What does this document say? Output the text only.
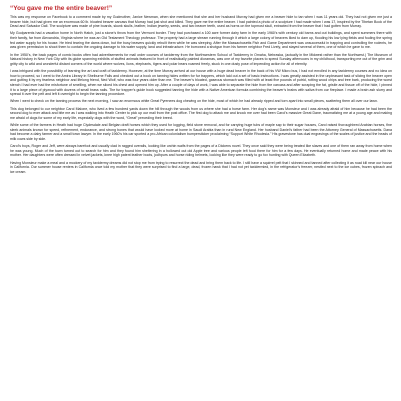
“You gave me the entire beaver!”

This was my response on Facebook to a comment made by my Godmother, Janice Newman, when she mentioned that she and her husband Murray had given me a beaver hide to tan when I was 11 years old. They had not given me just a beaver hide, but had given me an enormous 60 lb. bloated beaver carcass that Murray had just shot and killed. They gave me the entire beaver. I had painted a photo of a sculpture I had made when I was 17, inspired by the Tibetan Book of the Dead and Salvador Dali. The sculpture was made of pine boards, skunk skulls, leather, Indian jewelry, seeds, and two beaver teeth, used as horns on the topmost skull, extracted from the beaver that I had gotten from Murray.

My Godparents had a vacation home in North Hatch, just a stone’s throw from the Vermont border. They had purchased a 100 acre former dairy farm in the early 1960’s with century old barns and out buildings, and spent summers there with their family, far from Alexandria, Virginia where he was an Old Testament Theology professor. The property had a large stream running through it which a large colony of beavers liked to dam up, flooding his low lying fields and fouling the spring fed water supply for his house. He tried tearing the dams down, but the busy beavers quickly rebuilt them while he was sleeping. After the Massachusetts Fish and Game Department was unsuccessful in trapping and controlling the rodents, he was given permission to shoot them to contain the ongoing damage to his water supply, land and infrastructure. He borrowed a shotgun from his farmer neighbor Fred Lively, and stayed several of them, one of which he gave to me.

In the 1950’s, the back pages of comic books often had advertisements for mail order courses of taxidermy from the Northwestern School of Taxidermy in Omaha, Nebraska, (actually in the Midwest rather than the Northwest.) The Museum of Natural history in New York City with its globe spanning exhibits of stuffed animals featured in front of realistically painted dioramas, was one of my favorite places to spend Sunday afternoons in my childhood, transporting me out of the grim and gritty city to wild and wonderful distant corners of the world where wolves, lions, elephants, tigers and polar bears roamed freely, stuck in one dusty pose of impending action for all of eternity.

I was intrigued with the possibility of learning the art and craft of taxidermy. However, at the time Murray arrived at our house with a huge dead beaver in the back of his VW Micro bus, I had not enrolled in any taxidermy courses and no idea on how to proceed, so I went to the Amira Library in Shelburne Falls and checked out a book on tanning hides written for fur trappers, which laid out a set of basic instructions. I was greatly assisted in the unpleasant task of slicing the beaver open and gutting it by my fearless neighbor and lifelong friend, Ned Wolf, who was four years older than me. The beaver’s bloated, gaseous stomach was filled with at least five pounds of putrid, rotting wood chips and tree bark, producing the worst stench I had ever had the misfortune of smelling, when we sliced his chest and opened him up. After a couple of days of work, I was able to separate the hide from the carcass and after scraping the fat, gristle and tissue off of the hide, I pinned it to a large piece of plywood with dozens of small brass nails. The fur trapper’s guide book suggested tanning the hide with a Native American formula combining the beaver’s brains with saliva from our fireplace. I made a brain ash slurry and spread it over the pelt and left it overnight to begin the tanning procedure.

When I went to check on the tanning process the next morning, I saw an enormous white Great Pyrenees dog chewing on the hide, most of which he had already ripped and torn apart into small pieces, scattering them all over our lawn.

This dog belonged to our neighbor Carol Malone, who lived a few hundred yards down the hill through the woods from us where she had a horse farm. Her dog’s name was Monsieur and I was already afraid of him because he had been the second dog to ever attack and bite me as I was walking into Heath Center to pick up our mail from the post office. The first dog to attack me and knock me over had been Carol’s massive Great Dane, traumatizing me at a young age and making me afraid of dogs for some of my early life, especially dogs with the word, “Great” preceding their breed.

While some of the farmers in Heath had huge Clydesdale and Belgian draft horses which they used for logging, field stone removal, and for carrying huge tubs of maple sap to their sugar houses, Carol raised thoroughbred Arabian horses, fine sleek animals known for speed, refinement, endurance, and strong bones that would have looked more at home in Saudi Arabia than in rural New England. Her husband Daniel’s father had been the Attorney General of Massachusetts. Dana had become a dairy farmer and a small town lawyer. In the early 1960’s his car sported a pro-African colonialism bumpersticker proclaiming “Support White Rhodesia.” His gravestone has dual engravings of the scales of justice and the heads of milk cows side by side.

Carol’s boys, Roger and Jeff, were always barefoot and usually clad in ragged overalls, looking like urchin waifs from the pages of a Dickens novel. They once said they were being treated like slaves and one of them ran away from home when he was young. Much of the town turned out to search for him and they found him sheltering in a hollowed out old Apple tree and various people left food there for him for a few days. He eventually returned home and made peace with his mother. Her daughters were often dressed in velvet jackets, knee high patent leather boots, jodhpurs and horse riding helmets, looking like they were ready to go fox hunting with Queen Elizabeth.

Having Monsieur make a meal and a mockery of my taxidermy dreams did not stop me from trying to resurrect the dead and bring them back to life. I still have a squirrel pelt that I skinned and tanned after collecting it as road kill near our house in California. Our summer house renters in California once told my mother that they were surprised to find a large, dead, frozen hawk that I had not yet taxidermied, in the refrigerator’s freezer, nestled next to the ice cubes, frozen spinach and ice cream.
